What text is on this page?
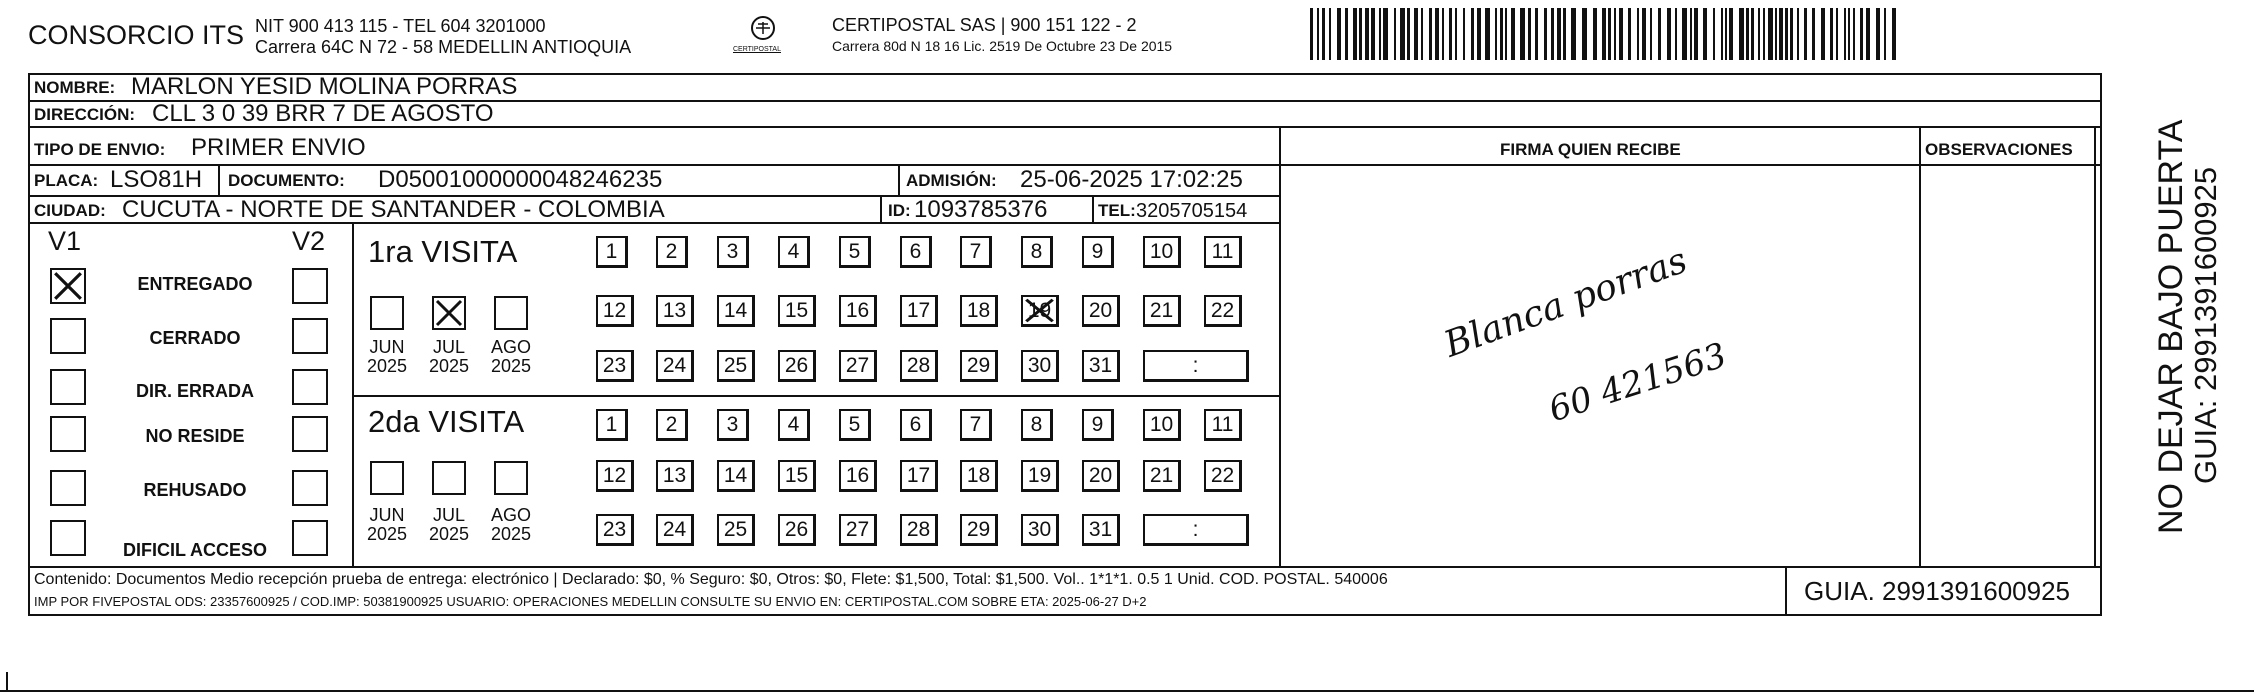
CONSORCIO ITS NIT 900 413 115 - TEL 604 3201000
Carrera 64C N 72 - 58 MEDELLIN ANTIOQUIA	CERTIPOSTAL
CERTIPOSTAL SAS | 900 151 122 - 2
Carrera 80d N 18 16 Lic. 2519 De Octubre 23 De 2015
NOMBRE: MARLON YESID MOLINA PORRAS
DIRECCIÓN: CLL 3 0 39 BRR 7 DE AGOSTO
TIPO DE ENVIO: PRIMER ENVIO	FIRMA QUIEN RECIBE	OBSERVACIONES
PLACA: LSO81H DOCUMENTO: D05001000000048246235	ADMISIÓN: 25-06-2025 17:02:25
CIUDAD: CUCUTA - NORTE DE SANTANDER - COLOMBIA	ID: 1093785376	TEL: 3205705154
V1	V2
ENTREGADO
CERRADO
DIR. ERRADA
NO RESIDE
REHUSADO
DIFICIL ACCESO
1ra VISITA
2da VISITA
JUN
2025
JUL
2025
AGO
2025
JUN
2025
JUL
2025
AGO
2025
1	2	3	4	5	6	7	8	9	10	11
12	13	14	15	16	17	18	19	20	21	22
23	24	25	26	27	28	29	30	31	:
1	2	3	4	5	6	7	8	9	10	11
12	13	14	15	16	17	18	19	20	21	22
23	24	25	26	27	28	29	30	31	:
Blanca porras
60 421563
Contenido: Documentos Medio recepción prueba de entrega: electrónico | Declarado: $0, % Seguro: $0, Otros: $0, Flete: $1,500, Total: $1,500. Vol.. 1*1*1. 0.5 1 Unid. COD. POSTAL. 540006
IMP POR FIVEPOSTAL ODS: 23357600925 / COD.IMP: 50381900925 USUARIO: OPERACIONES MEDELLIN CONSULTE SU ENVIO EN: CERTIPOSTAL.COM SOBRE ETA: 2025-06-27 D+2	GUIA. 2991391600925
NO DEJAR BAJO PUERTA
GUIA: 2991391600925
